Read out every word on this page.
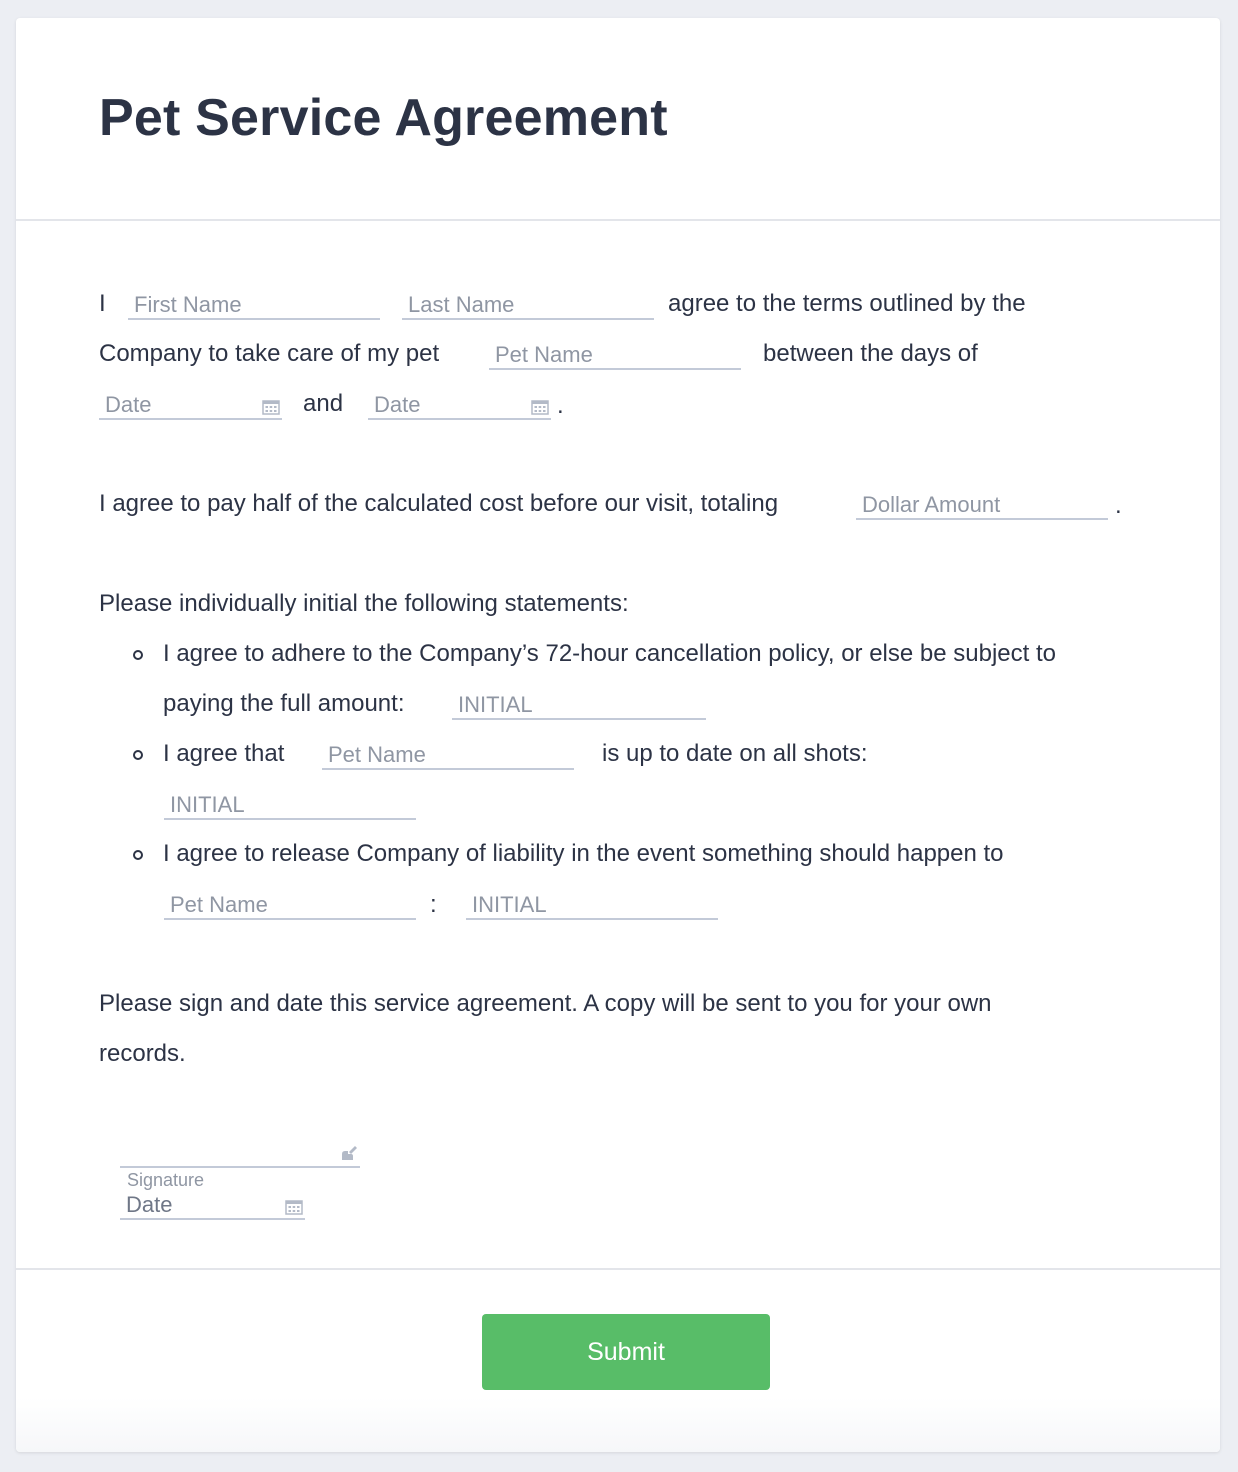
Pet Service Agreement
I First Name	Last Name	agree to the terms outlined by the
Company to take care of my pet	Pet Name	between the days of
Date	and Date	.
I agree to pay half of the calculated cost before our visit, totaling	Dollar Amount	.
Please individually initial the following statements:
I agree to adhere to the Company’s 72-hour cancellation policy, or else be subject to
paying the full amount: INITIAL
I agree that Pet Name	is up to date on all shots:
INITIAL
I agree to release Company of liability in the event something should happen to
Pet Name	: INITIAL
Please sign and date this service agreement. A copy will be sent to you for your own
records.
Signature
Date
Submit
